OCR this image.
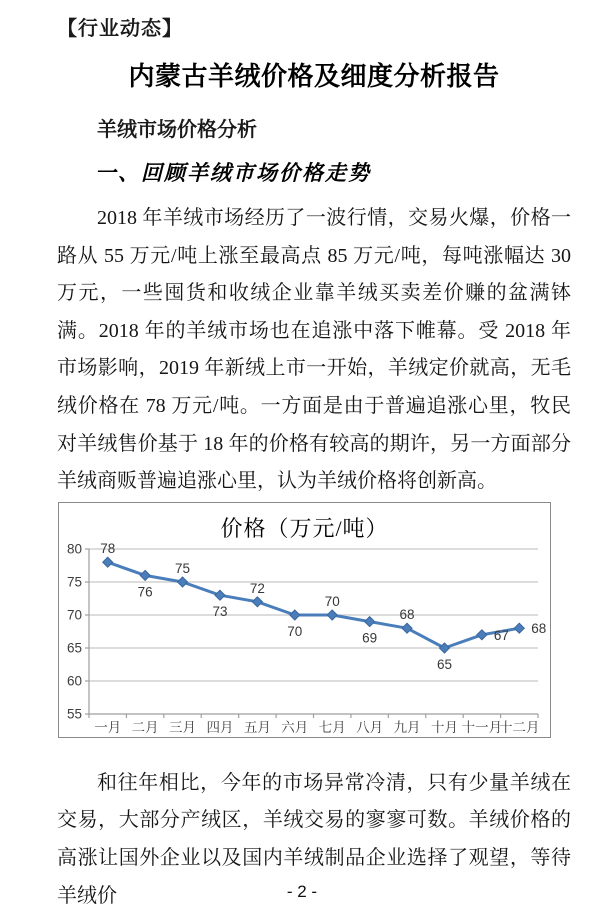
【行业动态】
内蒙古羊绒价格及细度分析报告
羊绒市场价格分析
一、回顾羊绒市场价格走势

2018 年羊绒市场经历了一波行情，交易火爆，价格一路从 55 万元/吨上涨至最高点 85 万元/吨，每吨涨幅达 30 万元，一些囤货和收绒企业靠羊绒买卖差价赚的盆满钵满。2018 年的羊绒市场也在追涨中落下帷幕。受 2018 年市场影响，2019 年新绒上市一开始，羊绒定价就高，无毛绒价格在 78 万元/吨。一方面是由于普遍追涨心里，牧民对羊绒售价基于 18 年的价格有较高的期许，另一方面部分羊绒商贩普遍追涨心里，认为羊绒价格将创新高。

55
60
65
70
75
80
一月 二月 三月 四月 五月 六月 七月 八月 九月 十月 十一月
十二月
78
76
75
73
72
70
70
69
68
65
67 68
价格（万元/吨）

和往年相比，今年的市场异常冷清，只有少量羊绒在交易，大部分产绒区，羊绒交易的寥寥可数。羊绒价格的高涨让国外企业以及国内羊绒制品企业选择了观望，等待羊绒价	- 2 -
